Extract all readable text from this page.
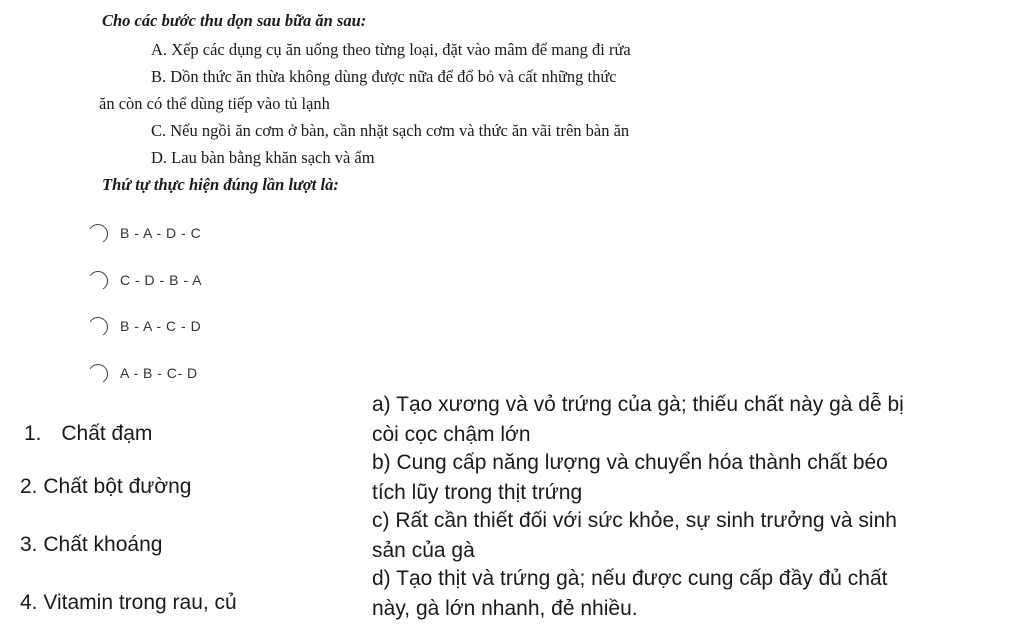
Cho các bước thu dọn sau bữa ăn sau:
A. Xếp các dụng cụ ăn uống theo từng loại, đặt vào mâm để mang đi rửa
B. Dồn thức ăn thừa không dùng được nữa để đổ bỏ và cất những thức
ăn còn có thể dùng tiếp vào tủ lạnh
C. Nếu ngồi ăn cơm ở bàn, cần nhặt sạch cơm và thức ăn vãi trên bàn ăn
D. Lau bàn bằng khăn sạch và ẩm
Thứ tự thực hiện đúng lần lượt là:
B - A - D - C
C - D - B - A
B - A - C - D
A - B - C- D
1. Chất đạm
2. Chất bột đường
3. Chất khoáng
4. Vitamin trong rau, củ
a) Tạo xương và vỏ trứng của gà; thiếu chất này gà dễ bị
còi cọc chậm lớn
b) Cung cấp năng lượng và chuyển hóa thành chất béo
tích lũy trong thịt trứng
c) Rất cần thiết đối với sức khỏe, sự sinh trưởng và sinh
sản của gà
d) Tạo thịt và trứng gà; nếu được cung cấp đầy đủ chất
này, gà lớn nhanh, đẻ nhiều.
